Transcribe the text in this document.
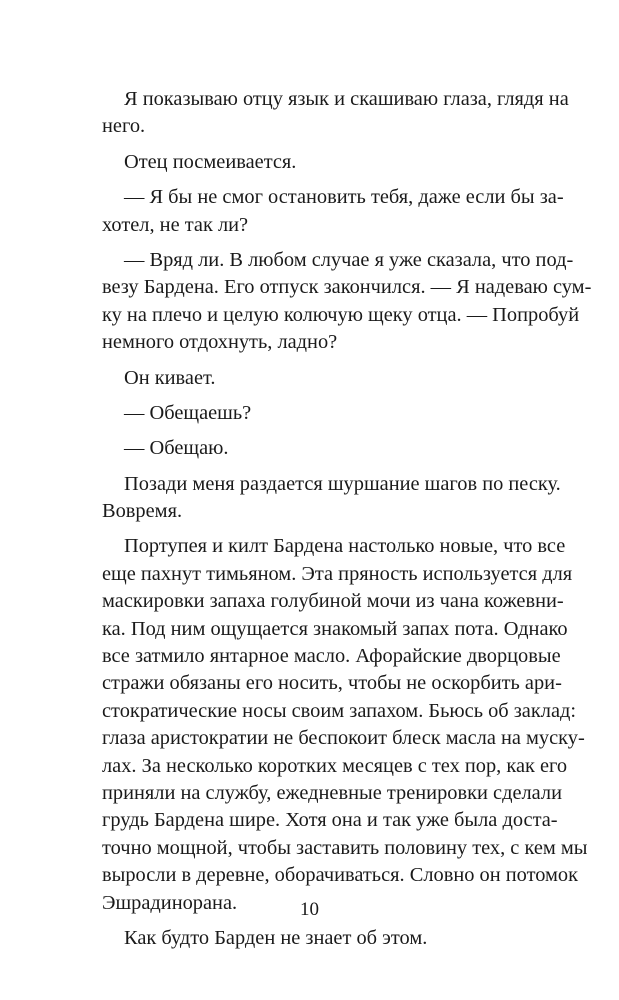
Я показываю отцу язык и скашиваю глаза, глядя на
него.
Отец посмеивается.
— Я бы не смог остановить тебя, даже если бы за-
хотел, не так ли?
— Вряд ли. В любом случае я уже сказала, что под-
везу Бардена. Его отпуск закончился. — Я надеваю сум-
ку на плечо и целую колючую щеку отца. — Попробуй
немного отдохнуть, ладно?
Он кивает.
— Обещаешь?
— Обещаю.
Позади меня раздается шуршание шагов по песку.
Вовремя.
Портупея и килт Бардена настолько новые, что все
еще пахнут тимьяном. Эта пряность используется для
маскировки запаха голубиной мочи из чана кожевни-
ка. Под ним ощущается знакомый запах пота. Однако
все затмило янтарное масло. Афорайские дворцовые
стражи обязаны его носить, чтобы не оскорбить ари-
стократические носы своим запахом. Бьюсь об заклад:
глаза аристократии не беспокоит блеск масла на муску-
лах. За несколько коротких месяцев с тех пор, как его
приняли на службу, ежедневные тренировки сделали
грудь Бардена шире. Хотя она и так уже была доста-
точно мощной, чтобы заставить половину тех, с кем мы
выросли в деревне, оборачиваться. Словно он потомок
Эшрадинорана.
Как будто Барден не знает об этом.
10
